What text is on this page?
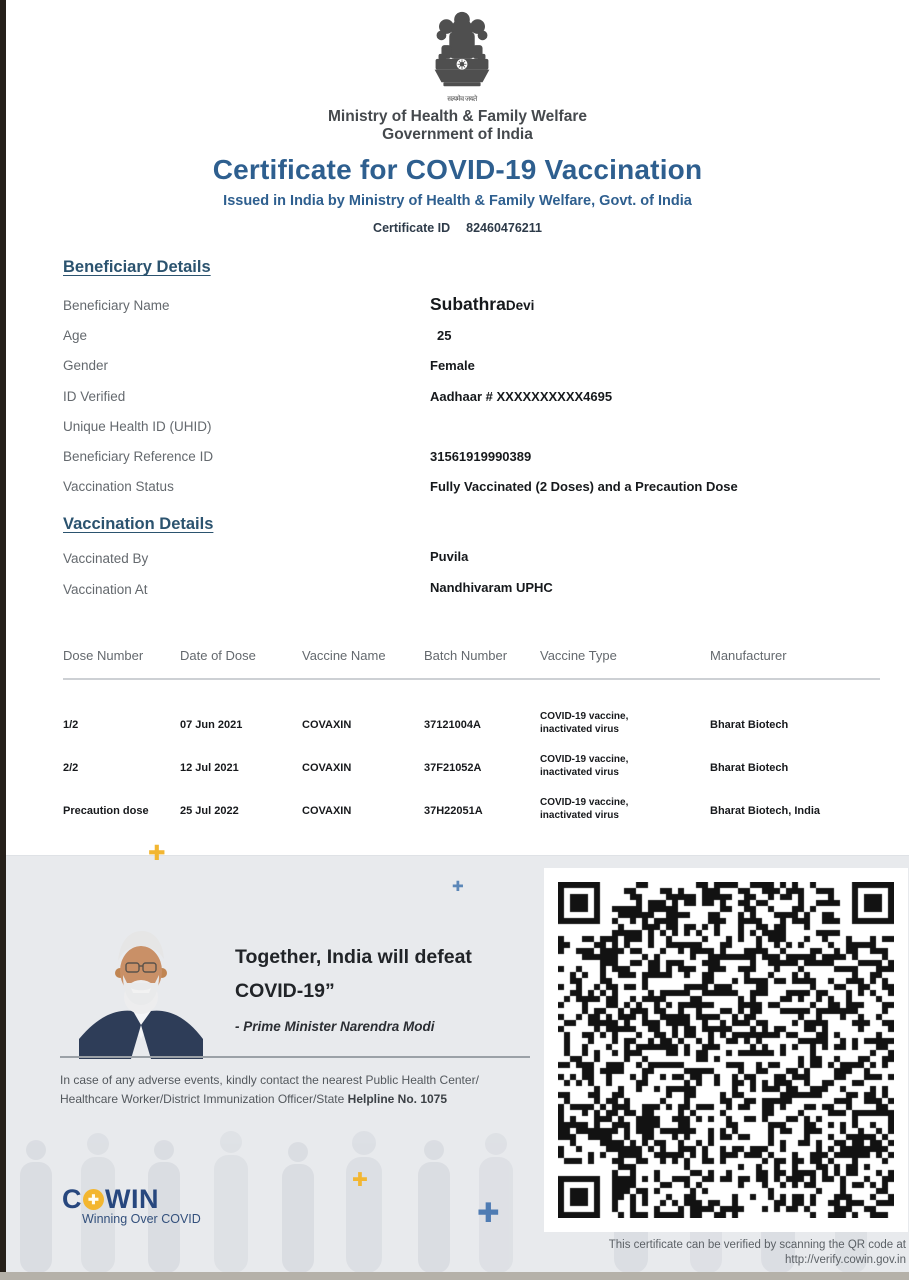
सत्यमेव जयते
Ministry of Health & Family Welfare
Government of India
Certificate for COVID-19 Vaccination
Issued in India by Ministry of Health & Family Welfare, Govt. of India
Certificate ID 82460476211
Beneficiary Details
Beneficiary Name	SubathraDevi
Age	25
Gender	Female
ID Verified	Aadhaar # XXXXXXXXXX4695
Unique Health ID (UHID)
Beneficiary Reference ID	31561919990389
Vaccination Status	Fully Vaccinated (2 Doses) and a Precaution Dose
Vaccination Details
Vaccinated By	Puvila
Vaccination At	Nandhivaram UPHC
Dose Number	Date of Dose	Vaccine Name	Batch Number	Vaccine Type	Manufacturer
1/2	07 Jun 2021	COVAXIN	37121004A
COVID-19 vaccine,
inactivated virus	Bharat Biotech
2/2	12 Jul 2021	COVAXIN	37F21052A
COVID-19 vaccine,
inactivated virus	Bharat Biotech
Precaution dose	25 Jul 2022	COVAXIN	37H22051A
COVID-19 vaccine,
inactivated virus	Bharat Biotech, India
✚
✚
✚
✚
Together, India will defeat
COVID-19”
- Prime Minister Narendra Modi
In case of any adverse events, kindly contact the nearest Public Health Center/
Healthcare Worker/District Immunization Officer/State Helpline No. 1075
C ✚ WIN
Winning Over COVID
This certificate can be verified by scanning the QR code at
http://verify.cowin.gov.in
